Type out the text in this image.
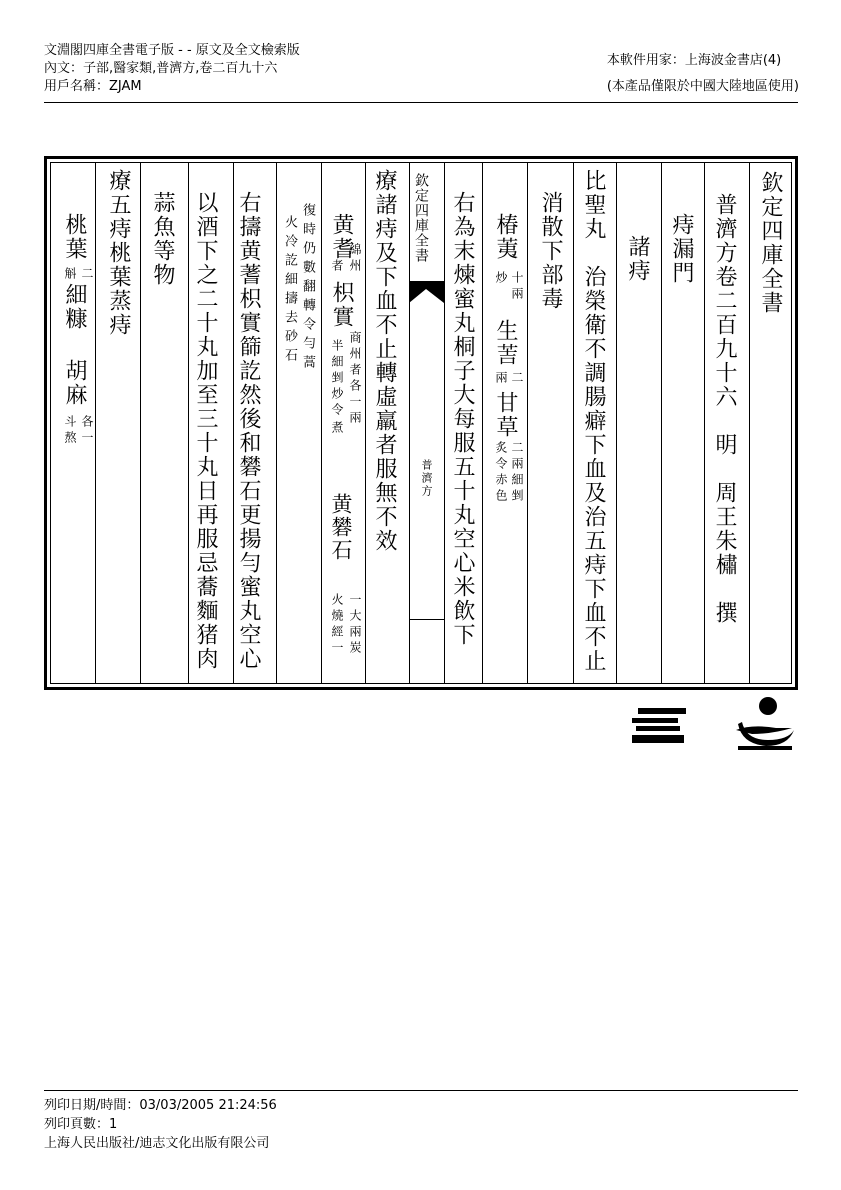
文淵閣四庫全書電子版 - - 原文及全文檢索版
內文：子部,醫家類,普濟方,卷二百九十六
用戶名稱：ZJAM
本軟件用家：上海波金書店(4)
(本產品僅限於中國大陸地區使用)
欽定四庫全書
普濟方卷二百九十六
明　周王朱橚　撰
痔漏門
諸痔
比聖丸　治榮衛不調腸癖下血及治五痔下血不止
消散下部毒
椿荑
十兩
炒
生䓀
二
兩
甘草
二兩細剉
炙令赤色
右為末煉蜜丸桐子大每服五十丸空心米飲下
欽定四庫全書
普濟方
療諸痔及下血不止轉虛羸者服無不效
黄耆
者 綿州
枳實
商州者各一兩
半細剉炒令
煮
黄礬石
一大兩炭
火燒經一
復時仍數翻轉令勻蒿
火冷訖細擣去砂石
右擣黄蓍枳實篩訖然後和礬石更揚勻蜜丸空心
以酒下之二十丸加至三十丸日再服忌蕎麵猪肉
蒜魚等物
療五痔桃葉蒸痔
桃葉
二
斛
細糠
胡麻
各一
斗熬
列印日期/時間：03/03/2005 21:24:56
列印頁數：1
上海人民出版社/迪志文化出版有限公司
